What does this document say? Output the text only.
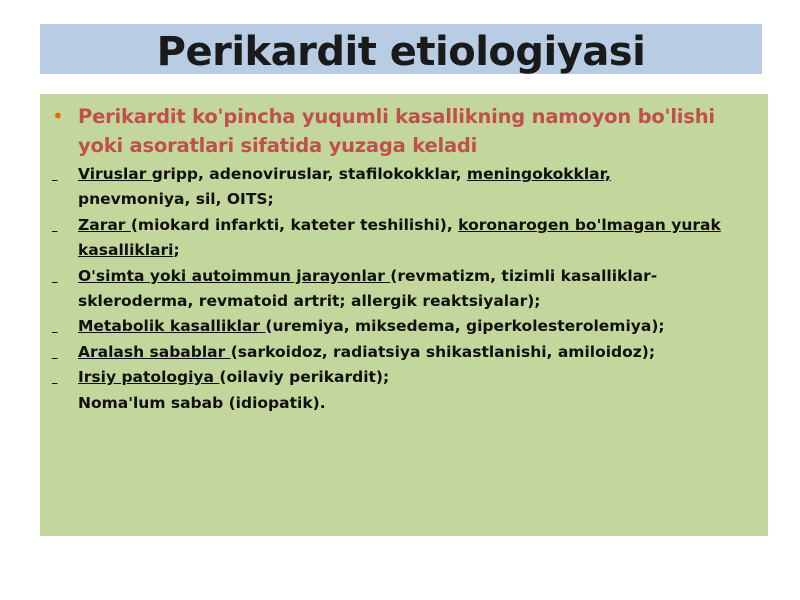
Perikardit etiologiyasi
• Perikardit ko'pincha yuqumli kasallikning namoyon bo'lishi
yoki asoratlari sifatida yuzaga keladi
Viruslar gripp, adenoviruslar, stafilokokklar, meningokokklar,
pnevmoniya, sil, OITS;
Zarar (miokard infarkti, kateter teshilishi), koronarogen bo'lmagan yurak
kasalliklari;
O'simta yoki autoimmun jarayonlar (revmatizm, tizimli kasalliklar-
skleroderma, revmatoid artrit; allergik reaktsiyalar);
Metabolik kasalliklar (uremiya, miksedema, giperkolesterolemiya);
Aralash sabablar (sarkoidoz, radiatsiya shikastlanishi, amiloidoz);
Irsiy patologiya (oilaviy perikardit);
Noma'lum sabab (idiopatik).
